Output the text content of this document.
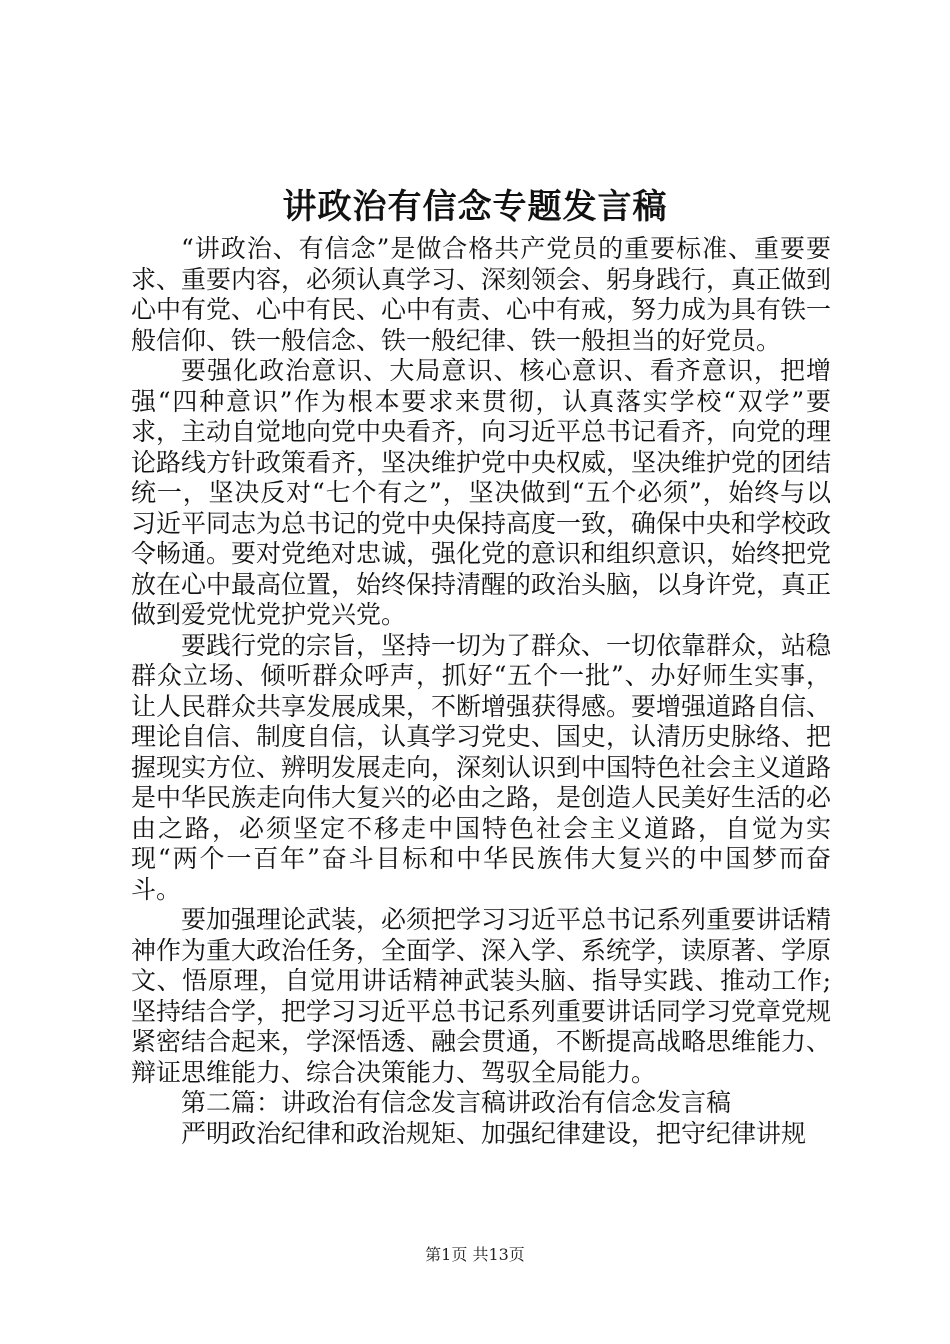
讲政治有信念专题发言稿

“讲政治、有信念”是做合格共产党员的重要标准、重要要求、重要内容，必须认真学习、深刻领会、躬身践行，真正做到心中有党、心中有民、心中有责、心中有戒，努力成为具有铁一般信仰、铁一般信念、铁一般纪律、铁一般担当的好党员。

要强化政治意识、大局意识、核心意识、看齐意识，把增强“四种意识”作为根本要求来贯彻，认真落实学校“双学”要求，主动自觉地向党中央看齐，向习近平总书记看齐，向党的理论路线方针政策看齐，坚决维护党中央权威，坚决维护党的团结统一，坚决反对“七个有之”，坚决做到“五个必须”，始终与以习近平同志为总书记的党中央保持高度一致，确保中央和学校政令畅通。要对党绝对忠诚，强化党的意识和组织意识，始终把党放在心中最高位置，始终保持清醒的政治头脑，以身许党，真正做到爱党忧党护党兴党。

要践行党的宗旨，坚持一切为了群众、一切依靠群众，站稳群众立场、倾听群众呼声，抓好“五个一批”、办好师生实事，让人民群众共享发展成果，不断增强获得感。要增强道路自信、理论自信、制度自信，认真学习党史、国史，认清历史脉络、把握现实方位、辨明发展走向，深刻认识到中国特色社会主义道路是中华民族走向伟大复兴的必由之路，是创造人民美好生活的必由之路，必须坚定不移走中国特色社会主义道路，自觉为实现“两个一百年”奋斗目标和中华民族伟大复兴的中国梦而奋斗。

要加强理论武装，必须把学习习近平总书记系列重要讲话精神作为重大政治任务，全面学、深入学、系统学，读原著、学原文、悟原理，自觉用讲话精神武装头脑、指导实践、推动工作;坚持结合学，把学习习近平总书记系列重要讲话同学习党章党规紧密结合起来，学深悟透、融会贯通，不断提高战略思维能力、辩证思维能力、综合决策能力、驾驭全局能力。

第二篇：讲政治有信念发言稿讲政治有信念发言稿

严明政治纪律和政治规矩、加强纪律建设，把守纪律讲规

第1页 共13页
